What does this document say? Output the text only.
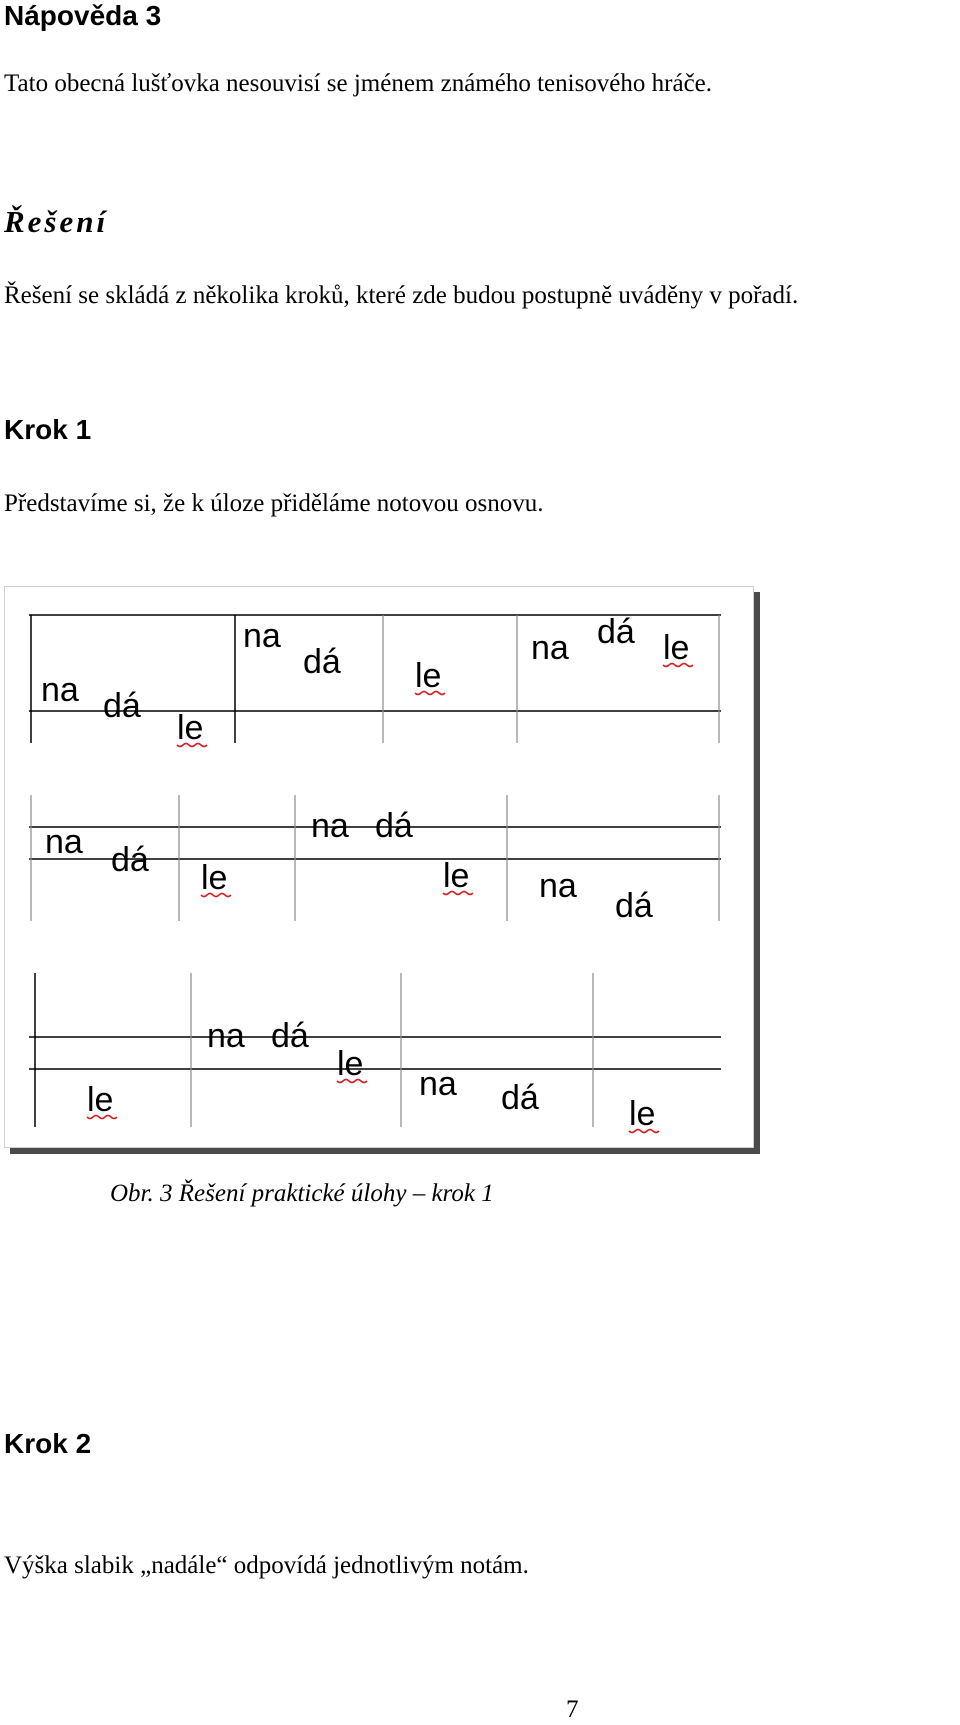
Nápověda 3
Tato obecná lušťovka nesouvisí se jménem známého tenisového hráče.
Řešení
Řešení se skládá z několika kroků, které zde budou postupně uváděny v pořadí.
Krok 1
Představíme si, že k úloze přiděláme notovou osnovu.
na dá
le
na
dá le
na dá le
na dá le
na dá
le na
dá
na dá
le
le	na dá	le
Obr. 3 Řešení praktické úlohy – krok 1
Krok 2
Výška slabik „nadále“ odpovídá jednotlivým notám.
7
